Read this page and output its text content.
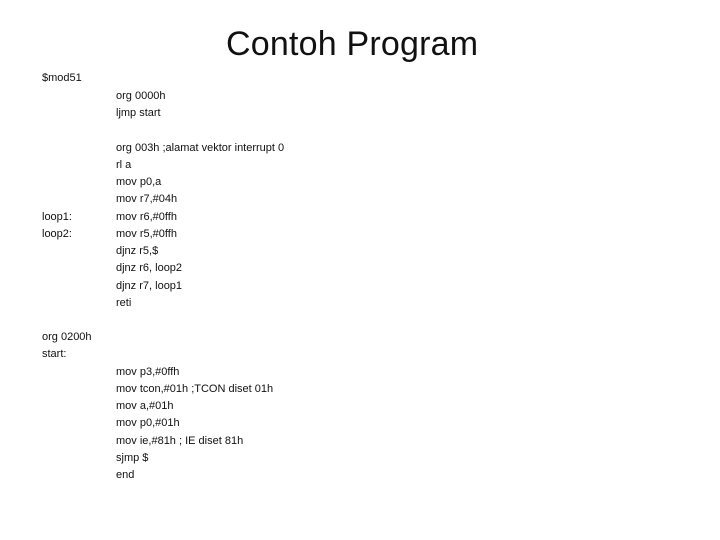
Contoh Program
$mod51
org 0000h
ljmp start
org 003h ;alamat vektor interrupt 0
rl a
mov p0,a
mov r7,#04h
mov r6,#0ffh
mov r5,#0ffh
djnz r5,$
djnz r6, loop2
djnz r7, loop1
reti
loop1:
loop2:
org 0200h
start:
mov p3,#0ffh
mov tcon,#01h ;TCON diset 01h
mov a,#01h
mov p0,#01h
mov ie,#81h ; IE diset 81h
sjmp $
end
